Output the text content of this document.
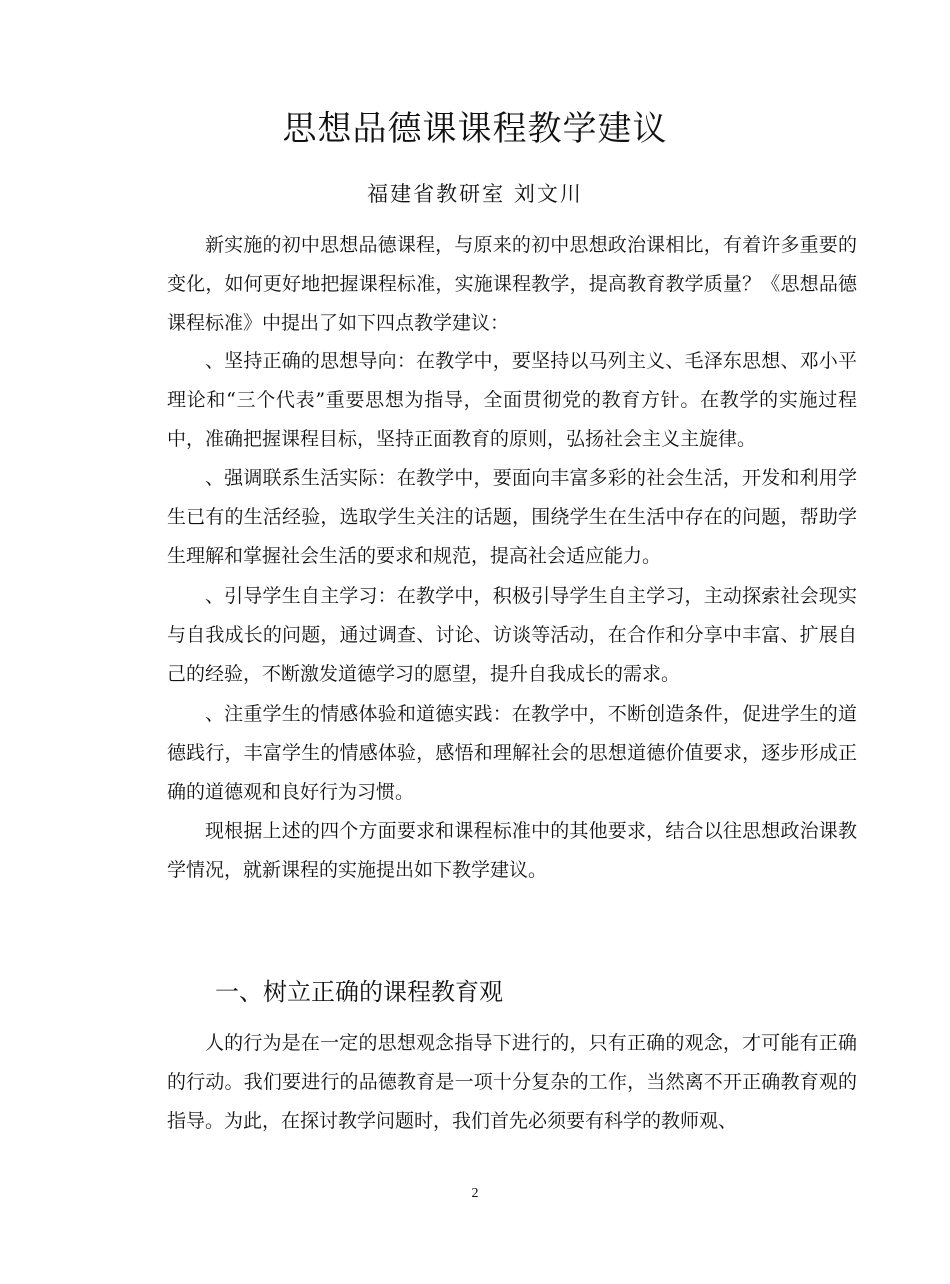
思想品德课课程教学建议
福建省教研室 刘文川

新实施的初中思想品德课程，与原来的初中思想政治课相比，有着许多重要的变化，如何更好地把握课程标准，实施课程教学，提高教育教学质量？《思想品德课程标准》中提出了如下四点教学建议：

、坚持正确的思想导向：在教学中，要坚持以马列主义、毛泽东思想、邓小平理论和“三个代表”重要思想为指导，全面贯彻党的教育方针。在教学的实施过程中，准确把握课程目标，坚持正面教育的原则，弘扬社会主义主旋律。

、强调联系生活实际：在教学中，要面向丰富多彩的社会生活，开发和利用学生已有的生活经验，选取学生关注的话题，围绕学生在生活中存在的问题，帮助学生理解和掌握社会生活的要求和规范，提高社会适应能力。

、引导学生自主学习：在教学中，积极引导学生自主学习，主动探索社会现实与自我成长的问题，通过调查、讨论、访谈等活动，在合作和分享中丰富、扩展自己的经验，不断激发道德学习的愿望，提升自我成长的需求。

、注重学生的情感体验和道德实践：在教学中，不断创造条件，促进学生的道德践行，丰富学生的情感体验，感悟和理解社会的思想道德价值要求，逐步形成正确的道德观和良好行为习惯。

现根据上述的四个方面要求和课程标准中的其他要求，结合以往思想政治课教学情况，就新课程的实施提出如下教学建议。

一、树立正确的课程教育观

人的行为是在一定的思想观念指导下进行的，只有正确的观念，才可能有正确的行动。我们要进行的品德教育是一项十分复杂的工作，当然离不开正确教育观的指导。为此，在探讨教学问题时，我们首先必须要有科学的教师观、

2
